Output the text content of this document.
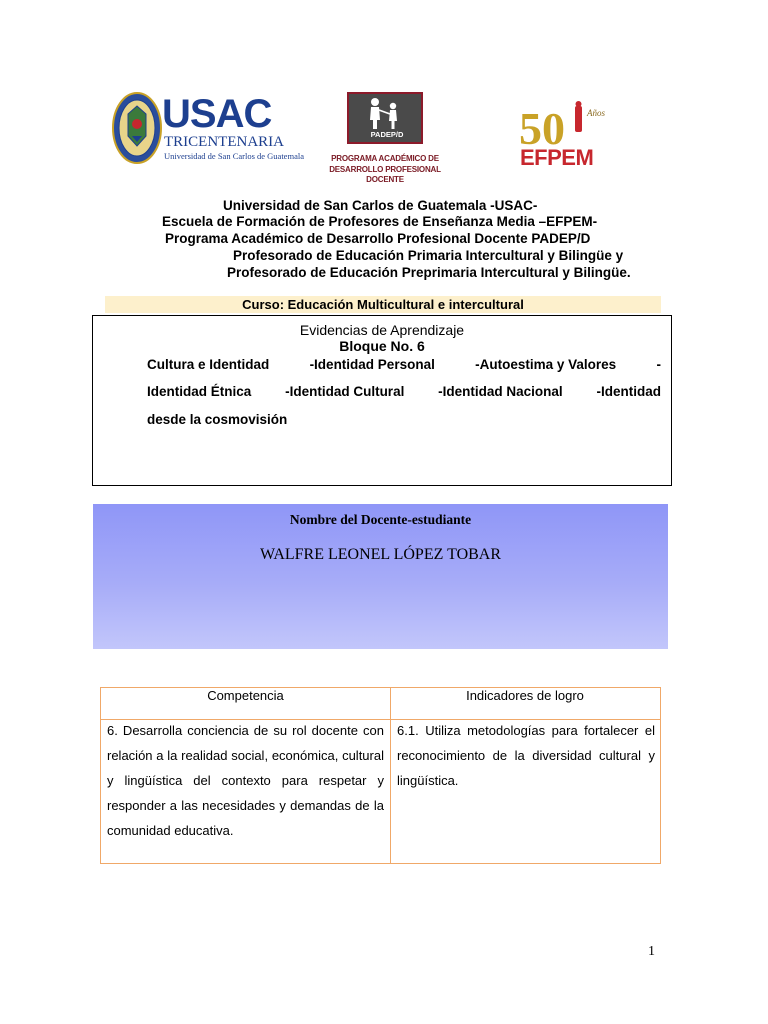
USAC
TRICENTENARIA
Universidad de San Carlos de Guatemala
PADEP/D
PROGRAMA ACADÉMICO DE
DESARROLLO PROFESIONAL DOCENTE
50 Años
EFPEM
Universidad de San Carlos de Guatemala -USAC-
Escuela de Formación de Profesores de Enseñanza Media –EFPEM-
Programa Académico de Desarrollo Profesional Docente PADEP/D
Profesorado de Educación Primaria Intercultural y Bilingüe y
Profesorado de Educación Preprimaria Intercultural y Bilingüe.
Curso: Educación Multicultural e intercultural
Evidencias de Aprendizaje
Bloque No. 6
Cultura e Identidad	-Identidad Personal	-Autoestima y Valores	-
Identidad Étnica	-Identidad Cultural	-Identidad Nacional	-Identidad
desde la cosmovisión
Nombre del Docente-estudiante
WALFRE LEONEL LÓPEZ TOBAR
Competencia	Indicadores de logro
6. Desarrolla conciencia de su rol docente con relación a la realidad social, económica, cultural y lingüística del contexto para respetar y responder a las necesidades y demandas de la comunidad educativa.
6.1. Utiliza metodologías para fortalecer el reconocimiento de la diversidad cultural y lingüística.
1
